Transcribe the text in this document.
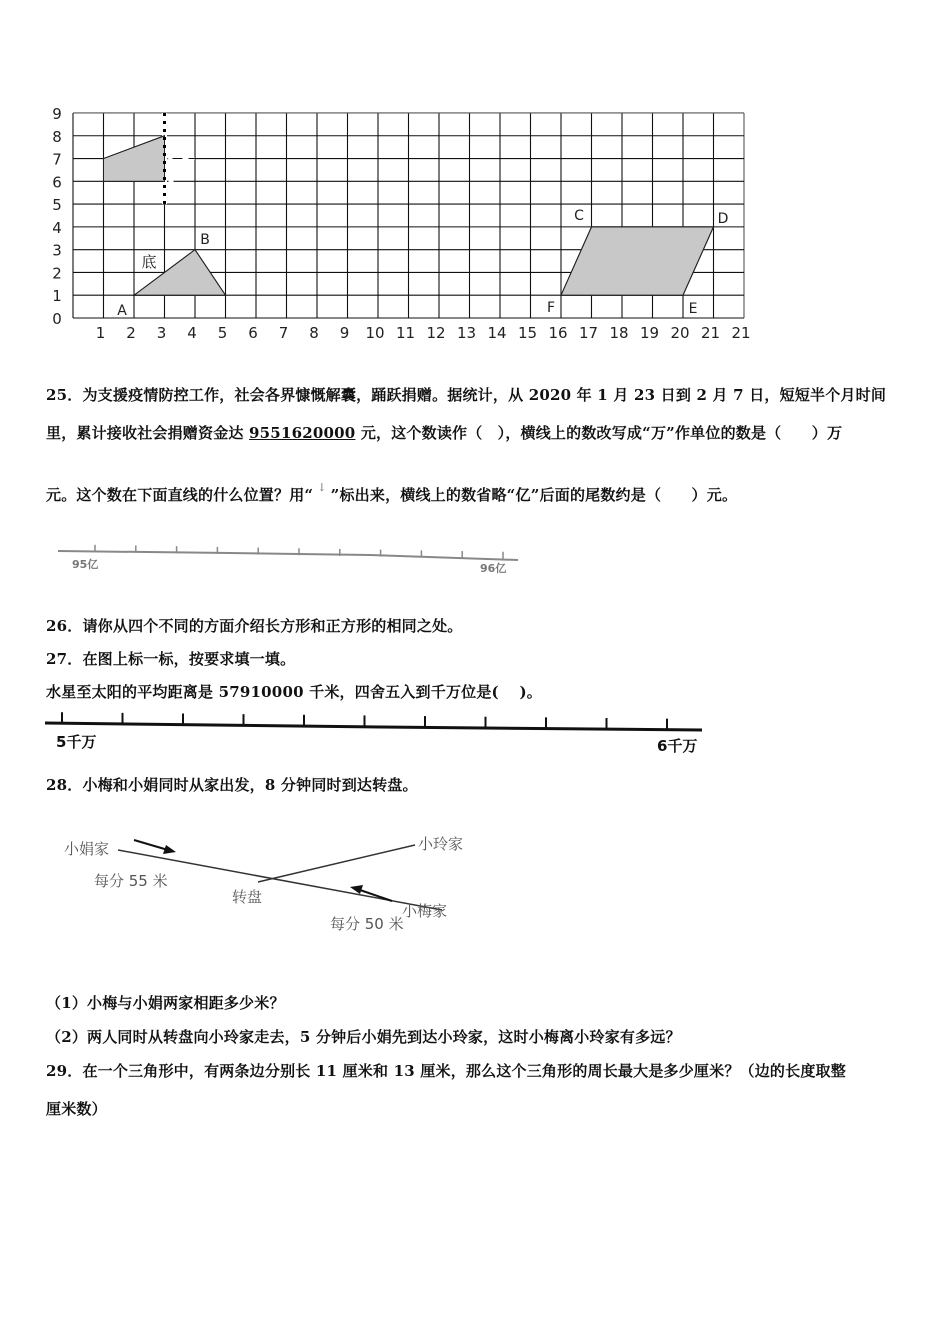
0
1
2
3
4
5
6
7
8
9
1 2 3 4 5 6 7 8 9 10 11 12 13 14 15 16 17 18 19 20 21 21
A
B
底
C	D
E
F
25．为支援疫情防控工作，社会各界慷慨解囊，踊跃捐赠。据统计，从 2020 年 1 月 23 日到 2 月 7 日，短短半个月时间
里，累计接收社会捐赠资金达 9551620000 元，这个数读作（　），横线上的数改写成“万”作单位的数是（　　）万
元。这个数在下面直线的什么位置？用“ ↓ ”标出来，横线上的数省略“亿”后面的尾数约是（　　）元。
95亿	96亿
26．请你从四个不同的方面介绍长方形和正方形的相同之处。
27．在图上标一标，按要求填一填。
水星至太阳的平均距离是 57910000 千米，四舍五入到千万位是(　 )。
5千万	6千万
28．小梅和小娟同时从家出发，8 分钟同时到达转盘。
小娟家
每分 55 米
小玲家
转盘
小梅家
每分 50 米
（1）小梅与小娟两家相距多少米？
（2）两人同时从转盘向小玲家走去，5 分钟后小娟先到达小玲家，这时小梅离小玲家有多远？
29．在一个三角形中，有两条边分别长 11 厘米和 13 厘米，那么这个三角形的周长最大是多少厘米？（边的长度取整
厘米数）
